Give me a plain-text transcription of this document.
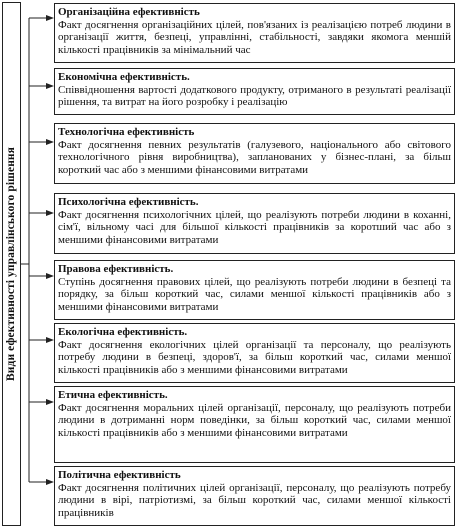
Види ефективності управлінського рішення
Організаційна ефективність
Факт досягнення організаційних цілей, пов'язаних із реалізацією потреб людини в організації життя, безпеці, управлінні, стабільності, завдяки якомога меншій кількості працівників за мінімальний час
Економічна ефективність.
Співвідношення вартості додаткового продукту, отриманого в результаті реалізації рішення, та витрат на його розробку і реалізацію
Технологічна ефективність
Факт досягнення певних результатів (галузевого, національного або світового технологічного рівня виробництва), запланованих у бізнес-плані, за більш короткий час або з меншими фінансовими витратами
Психологічна ефективність.
Факт досягнення психологічних цілей, що реалізують потреби людини в коханні, сім'ї, вільному часі для більшої кількості працівників за коротший час або з меншими фінансовими витратами
Правова ефективність.
Ступінь досягнення правових цілей, що реалізують потреби людини в безпеці та порядку, за більш короткий час, силами меншої кількості працівників або з меншими фінансовими витратами
Екологічна ефективність.
Факт досягнення екологічних цілей організації та персоналу, що реалізують потребу людини в безпеці, здоров'ї, за більш короткий час, силами меншої кількості працівників або з меншими фінансовими витратами
Етична ефективність.
Факт досягнення моральних цілей організації, персоналу, що реалізують потреби людини в дотриманні норм поведінки, за більш короткий час, силами меншої кількості працівників або з меншими фінансовими витратами
Політична ефективність
Факт досягнення політичних цілей організації, персоналу, що реалізують потребу людини в вірі, патріотизмі, за більш короткий час, силами меншої кількості працівників
